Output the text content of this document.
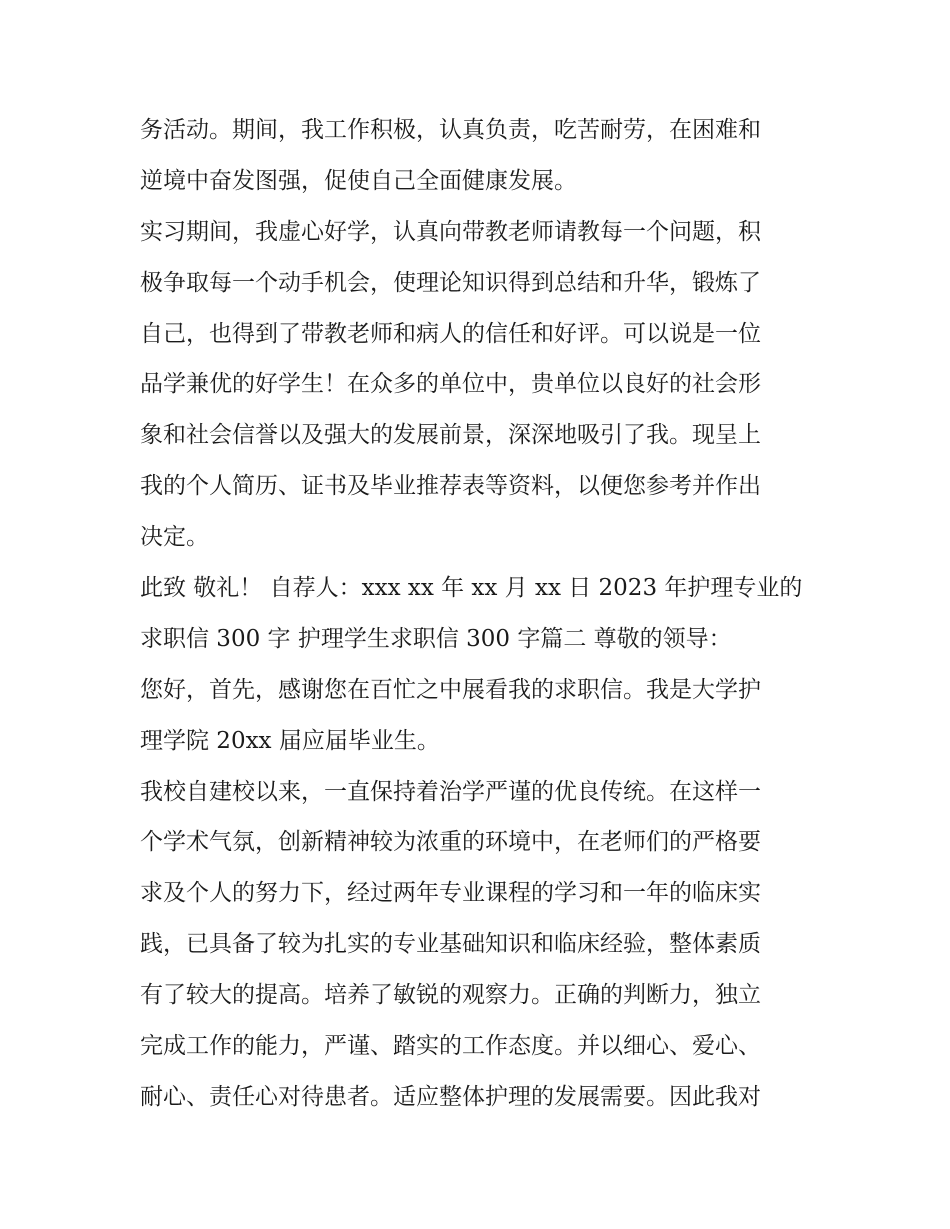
务活动。期间，我工作积极，认真负责，吃苦耐劳，在困难和
逆境中奋发图强，促使自己全面健康发展。
实习期间，我虚心好学，认真向带教老师请教每一个问题，积
极争取每一个动手机会，使理论知识得到总结和升华，锻炼了
自己，也得到了带教老师和病人的信任和好评。可以说是一位
品学兼优的好学生！在众多的单位中，贵单位以良好的社会形
象和社会信誉以及强大的发展前景，深深地吸引了我。现呈上
我的个人简历、证书及毕业推荐表等资料，以便您参考并作出
决定。
此致 敬礼！ 自荐人：xxx xx 年 xx 月 xx 日 2023 年护理专业的
求职信 300 字 护理学生求职信 300 字篇二 尊敬的领导：
您好，首先，感谢您在百忙之中展看我的求职信。我是大学护
理学院 20xx 届应届毕业生。
我校自建校以来，一直保持着治学严谨的优良传统。在这样一
个学术气氛，创新精神较为浓重的环境中，在老师们的严格要
求及个人的努力下，经过两年专业课程的学习和一年的临床实
践，已具备了较为扎实的专业基础知识和临床经验，整体素质
有了较大的提高。培养了敏锐的观察力。正确的判断力，独立
完成工作的能力，严谨、踏实的工作态度。并以细心、爱心、
耐心、责任心对待患者。适应整体护理的发展需要。因此我对
